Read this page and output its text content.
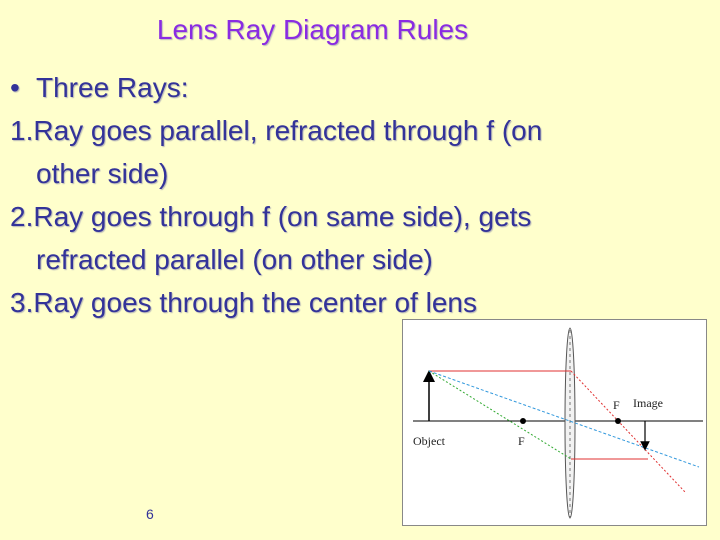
Lens Ray Diagram Rules
• Three Rays:
1.Ray goes parallel, refracted through f (on
other side)
2.Ray goes through f (on same side), gets
refracted parallel (on other side)
3.Ray goes through the center of lens
Object	F
F Image
6
